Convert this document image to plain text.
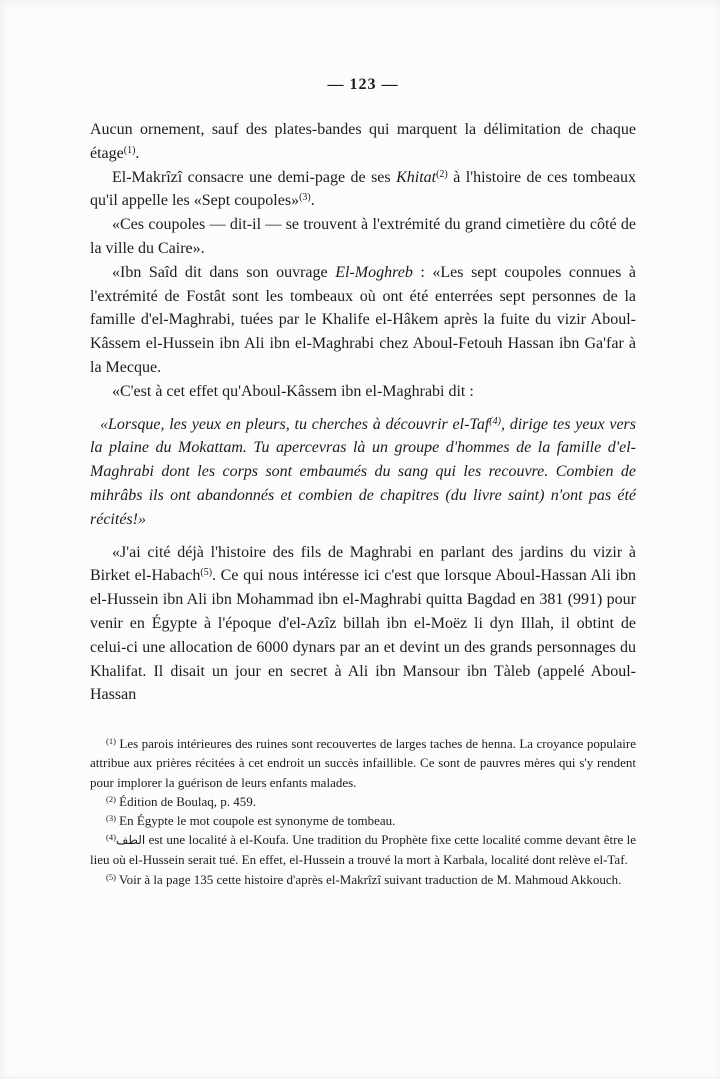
— 123 —

Aucun ornement, sauf des plates-bandes qui marquent la délimitation de chaque étage$^{(1)}$.

El-Makrîzî consacre une demi-page de ses Khitat$^{(2)}$ à l'histoire de ces tombeaux qu'il appelle les «Sept coupoles»$^{(3)}$.

«Ces coupoles — dit-il — se trouvent à l'extrémité du grand cimetière du côté de la ville du Caire».

«Ibn Saîd dit dans son ouvrage El-Moghreb : «Les sept coupoles connues à l'extrémité de Fostât sont les tombeaux où ont été enterrées sept personnes de la famille d'el-Maghrabi, tuées par le Khalife el-Hâkem après la fuite du vizir Aboul-Kâssem el-Hussein ibn Ali ibn el-Maghrabi chez Aboul-Fetouh Hassan ibn Ga'far à la Mecque.

«C'est à cet effet qu'Aboul-Kâssem ibn el-Maghrabi dit :

«Lorsque, les yeux en pleurs, tu cherches à découvrir el-Taf$^{(4)}$, dirige tes yeux vers la plaine du Mokattam. Tu apercevras là un groupe d'hommes de la famille d'el-Maghrabi dont les corps sont embaumés du sang qui les recouvre. Combien de mihrâbs ils ont abandonnés et combien de chapitres (du livre saint) n'ont pas été récités!»

«J'ai cité déjà l'histoire des fils de Maghrabi en parlant des jardins du vizir à Birket el-Habach$^{(5)}$. Ce qui nous intéresse ici c'est que lorsque Aboul-Hassan Ali ibn el-Hussein ibn Ali ibn Mohammad ibn el-Maghrabi quitta Bagdad en 381 (991) pour venir en Égypte à l'époque d'el-Azîz billah ibn el-Moëz li dyn Illah, il obtint de celui-ci une allocation de 6000 dynars par an et devint un des grands personnages du Khalifat. Il disait un jour en secret à Ali ibn Mansour ibn Tàleb (appelé Aboul-Hassan

$^{(1)}$ Les parois intérieures des ruines sont recouvertes de larges taches de henna. La croyance populaire attribue aux prières récitées à cet endroit un succès infaillible. Ce sont de pauvres mères qui s'y rendent pour implorer la guérison de leurs enfants malades.

$^{(2)}$ Édition de Boulaq, p. 459.

$^{(3)}$ En Égypte le mot coupole est synonyme de tombeau.

$^{(4)}$الطف est une localité à el-Koufa. Une tradition du Prophète fixe cette localité comme devant être le lieu où el-Hussein serait tué. En effet, el-Hussein a trouvé la mort à Karbala, localité dont relève el-Taf.

$^{(5)}$ Voir à la page 135 cette histoire d'après el-Makrîzî suivant traduction de M. Mahmoud Akkouch.
